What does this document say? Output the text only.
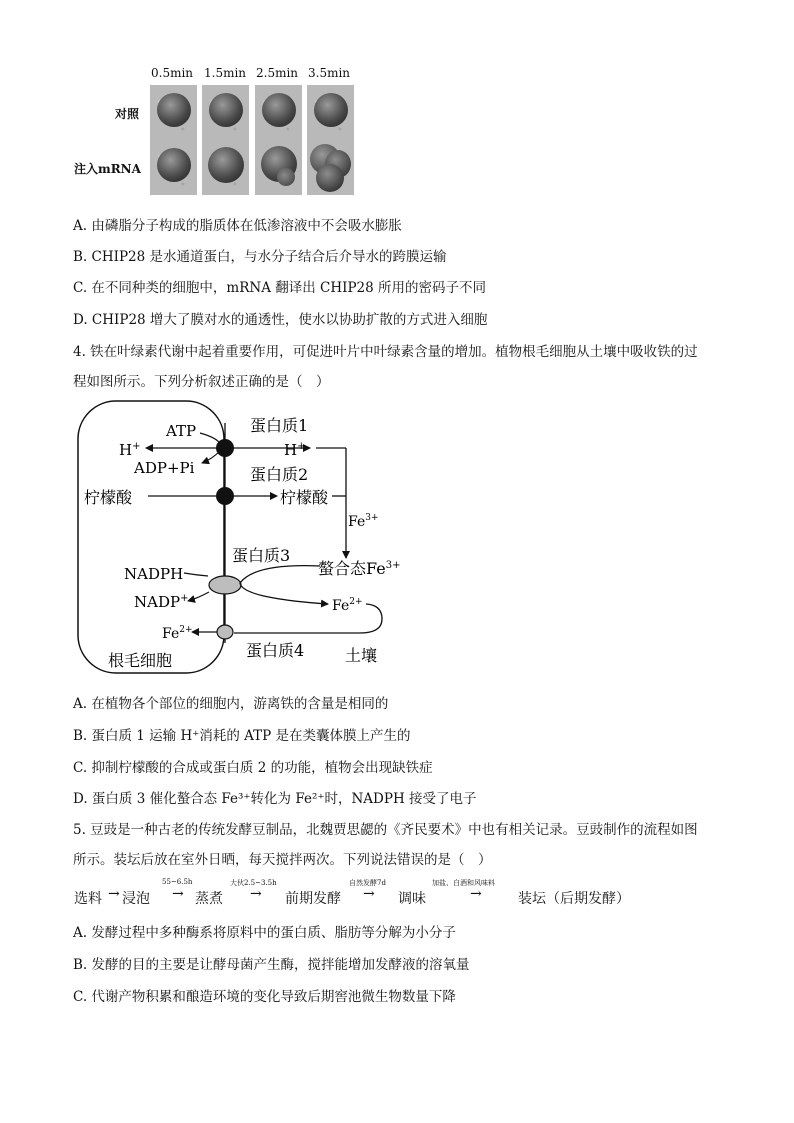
0.5min 1.5min 2.5min 3.5min
对照
注入mRNA
A. 由磷脂分子构成的脂质体在低渗溶液中不会吸水膨胀
B. CHIP28 是水通道蛋白，与水分子结合后介导水的跨膜运输
C. 在不同种类的细胞中，mRNA 翻译出 CHIP28 所用的密码子不同
D. CHIP28 增大了膜对水的通透性，使水以协助扩散的方式进入细胞
4. 铁在叶绿素代谢中起着重要作用，可促进叶片中叶绿素含量的增加。植物根毛细胞从土壤中吸收铁的过
程如图所示。下列分析叙述正确的是（　）
ATP
H+
ADP+Pi
蛋白质1
H+
蛋白质2
柠檬酸	柠檬酸
$Fe^{3+}$
蛋白质3
螯合态$Fe^{3+}$
NADPH
NADP+	$Fe^{2+}$
$Fe^{2+}$
蛋白质4
根毛细胞	土壤
A. 在植物各个部位的细胞内，游离铁的含量是相同的
B. 蛋白质 1 运输 H⁺消耗的 ATP 是在类囊体膜上产生的
C. 抑制柠檬酸的合成或蛋白质 2 的功能，植物会出现缺铁症
D. 蛋白质 3 催化螯合态 Fe³⁺转化为 Fe²⁺时，NADPH 接受了电子
5. 豆豉是一种古老的传统发酵豆制品，北魏贾思勰的《齐民要术》中也有相关记录。豆豉制作的流程如图
所示。装坛后放在室外日晒，每天搅拌两次。下列说法错误的是（　）
选料 → 浸泡
55~6.5h
→ 蒸煮
大伙2.5~3.5h
→ 前期发酵
自然发酵7d
→ 调味
加盐、白酒和风味料
→	装坛（后期发酵）
A. 发酵过程中多种酶系将原料中的蛋白质、脂肪等分解为小分子
B. 发酵的目的主要是让酵母菌产生酶，搅拌能增加发酵液的溶氧量
C. 代谢产物积累和酿造环境的变化导致后期窖池微生物数量下降
